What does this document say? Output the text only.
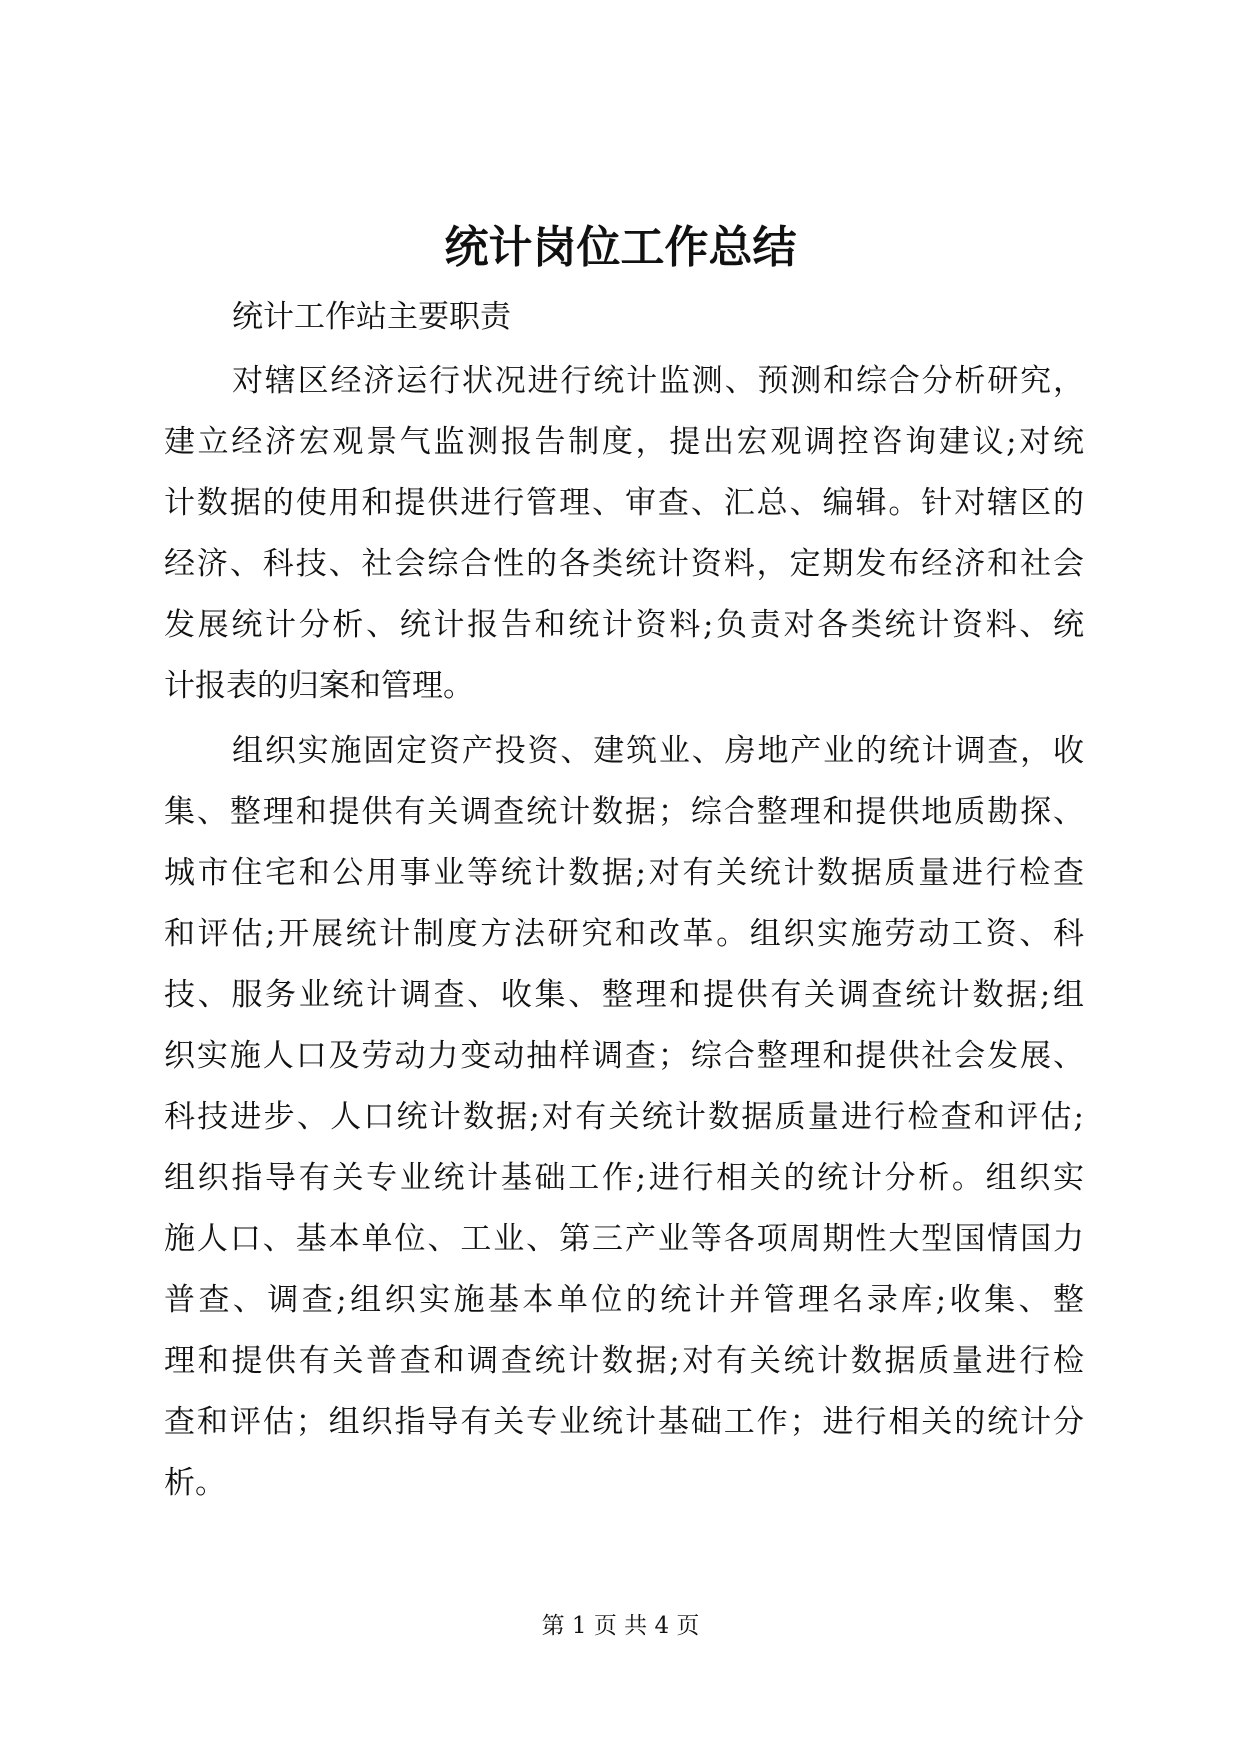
统计岗位工作总结

统计工作站主要职责

对辖区经济运行状况进行统计监测、预测和综合分析研究，
建立经济宏观景气监测报告制度，提出宏观调控咨询建议;对统
计数据的使用和提供进行管理、审查、汇总、编辑。针对辖区的
经济、科技、社会综合性的各类统计资料，定期发布经济和社会
发展统计分析、统计报告和统计资料;负责对各类统计资料、统
计报表的归案和管理。
组织实施固定资产投资、建筑业、房地产业的统计调查，收
集、整理和提供有关调查统计数据；综合整理和提供地质勘探、
城市住宅和公用事业等统计数据;对有关统计数据质量进行检查
和评估;开展统计制度方法研究和改革。组织实施劳动工资、科
技、服务业统计调查、收集、整理和提供有关调查统计数据;组
织实施人口及劳动力变动抽样调查；综合整理和提供社会发展、
科技进步、人口统计数据;对有关统计数据质量进行检查和评估;
组织指导有关专业统计基础工作;进行相关的统计分析。组织实
施人口、基本单位、工业、第三产业等各项周期性大型国情国力
普查、调查;组织实施基本单位的统计并管理名录库;收集、整
理和提供有关普查和调查统计数据;对有关统计数据质量进行检
查和评估；组织指导有关专业统计基础工作；进行相关的统计分
析。

第 1 页 共 4 页
